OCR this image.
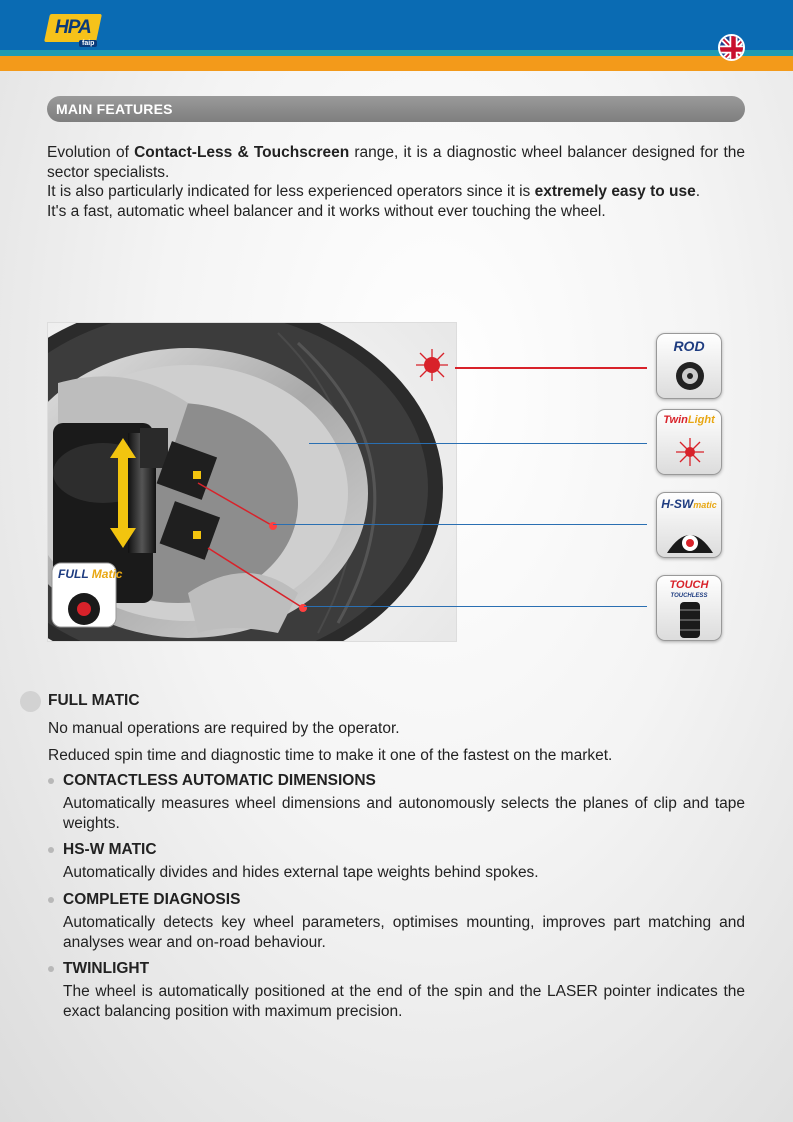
HPA
faip
MAIN FEATURES

Evolution of Contact-Less & Touchscreen range, it is a diagnostic wheel balancer designed for the sector specialists.

It is also particularly indicated for less experienced operators since it is extremely easy to use.

It's a fast, automatic wheel balancer and it works without ever touching the wheel.

FULL Matic
ROD
TwinLight
H-SWmatic
TOUCH
TOUCHLESS
FULL MATIC

No manual operations are required by the operator.

Reduced spin time and diagnostic time to make it one of the fastest on the market.

CONTACTLESS AUTOMATIC DIMENSIONS

Automatically measures wheel dimensions and autonomously selects the planes of clip and tape weights.

HS-W MATIC

Automatically divides and hides external tape weights behind spokes.

COMPLETE DIAGNOSIS

Automatically detects key wheel parameters, optimises mounting, improves part matching and analyses wear and on-road behaviour.

TWINLIGHT

The wheel is automatically positioned at the end of the spin and the LASER pointer indicates the exact balancing position with maximum precision.
